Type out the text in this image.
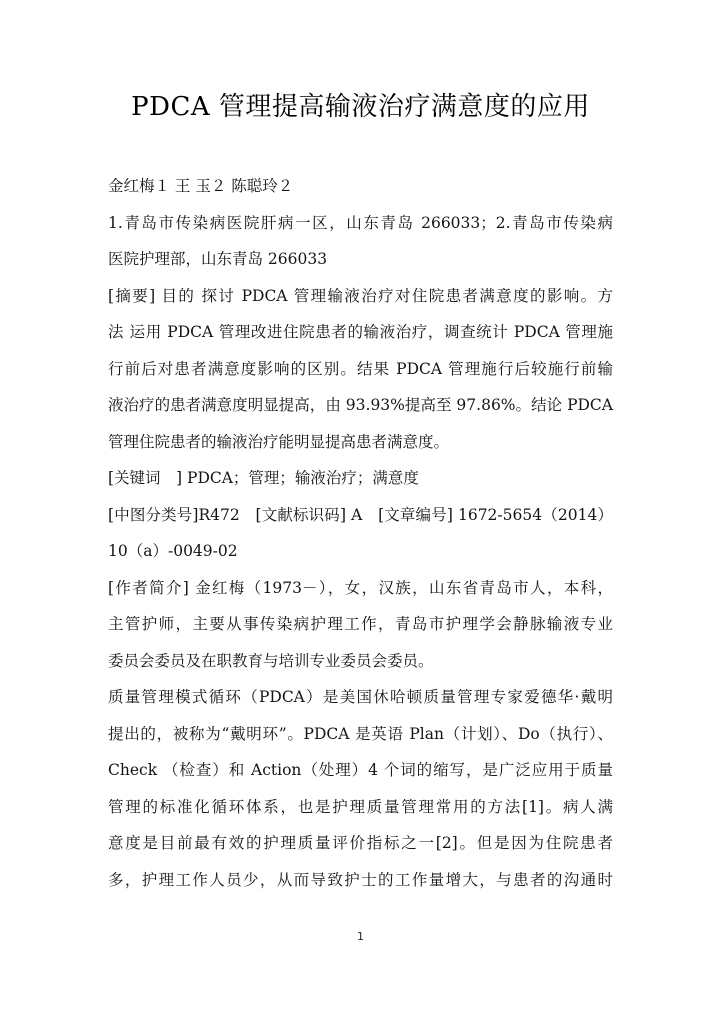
PDCA 管理提高输液治疗满意度的应用
金红梅１ 王 玉２ 陈聪玲２
1.青岛市传染病医院肝病一区，山东青岛 266033；2.青岛市传染病
医院护理部，山东青岛 266033
[摘要] 目的 探讨 PDCA 管理输液治疗对住院患者满意度的影响。方
法 运用 PDCA 管理改进住院患者的输液治疗，调查统计 PDCA 管理施
行前后对患者满意度影响的区别。结果 PDCA 管理施行后较施行前输
液治疗的患者满意度明显提高，由 93.93%提高至 97.86%。结论 PDCA
管理住院患者的输液治疗能明显提高患者满意度。
[关键词　] PDCA；管理；输液治疗；满意度
[中图分类号]R472　[文献标识码] A　[文章编号] 1672-5654（2014）
10（a）-0049-02
[作者简介] 金红梅（1973－），女，汉族，山东省青岛市人，本科，
主管护师，主要从事传染病护理工作，青岛市护理学会静脉输液专业
委员会委员及在职教育与培训专业委员会委员。
质量管理模式循环（PDCA）是美国休哈顿质量管理专家爱德华·戴明
提出的，被称为“戴明环”。PDCA 是英语 Plan（计划）、Do（执行）、
Check （检查）和 Action（处理）4 个词的缩写，是广泛应用于质量
管理的标准化循环体系，也是护理质量管理常用的方法[1]。病人满
意度是目前最有效的护理质量评价指标之一[2]。但是因为住院患者
多，护理工作人员少，从而导致护士的工作量增大，与患者的沟通时
1
